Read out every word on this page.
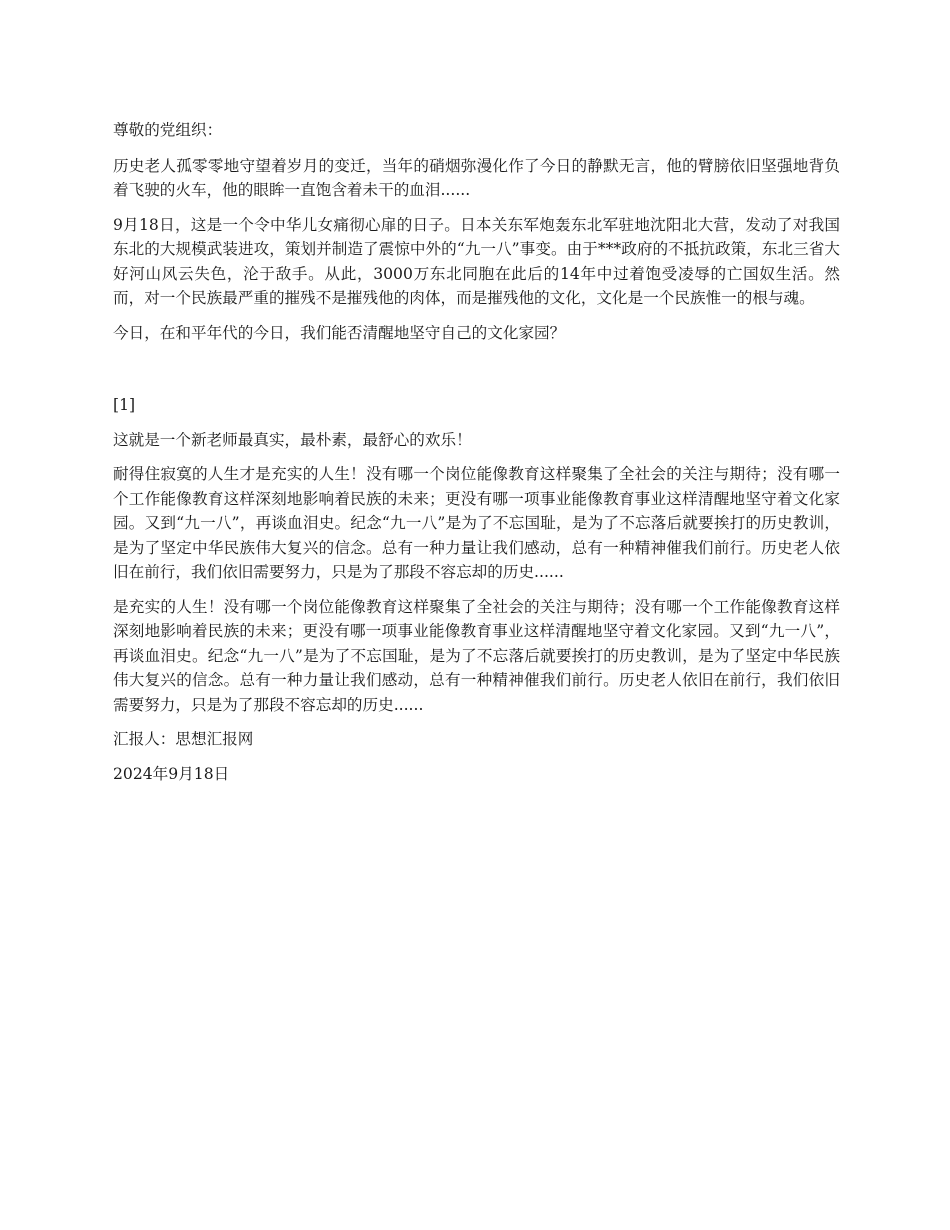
尊敬的党组织：

历史老人孤零零地守望着岁月的变迁，当年的硝烟弥漫化作了今日的静默无言，他的臂膀依旧坚强地背负着飞驶的火车，他的眼眸一直饱含着未干的血泪......

9月18日，这是一个令中华儿女痛彻心扉的日子。日本关东军炮轰东北军驻地沈阳北大营，发动了对我国东北的大规模武装进攻，策划并制造了震惊中外的“九一八”事变。由于***政府的不抵抗政策，东北三省大好河山风云失色，沦于敌手。从此，3000万东北同胞在此后的14年中过着饱受凌辱的亡国奴生活。然而，对一个民族最严重的摧残不是摧残他的肉体，而是摧残他的文化，文化是一个民族惟一的根与魂。

今日，在和平年代的今日，我们能否清醒地坚守自己的文化家园？

[1]

这就是一个新老师最真实，最朴素，最舒心的欢乐！

耐得住寂寞的人生才是充实的人生！没有哪一个岗位能像教育这样聚集了全社会的关注与期待；没有哪一个工作能像教育这样深刻地影响着民族的未来；更没有哪一项事业能像教育事业这样清醒地坚守着文化家园。又到“九一八”，再谈血泪史。纪念“九一八”是为了不忘国耻，是为了不忘落后就要挨打的历史教训，是为了坚定中华民族伟大复兴的信念。总有一种力量让我们感动，总有一种精神催我们前行。历史老人依旧在前行，我们依旧需要努力，只是为了那段不容忘却的历史......

是充实的人生！没有哪一个岗位能像教育这样聚集了全社会的关注与期待；没有哪一个工作能像教育这样深刻地影响着民族的未来；更没有哪一项事业能像教育事业这样清醒地坚守着文化家园。又到“九一八”，再谈血泪史。纪念“九一八”是为了不忘国耻，是为了不忘落后就要挨打的历史教训，是为了坚定中华民族伟大复兴的信念。总有一种力量让我们感动，总有一种精神催我们前行。历史老人依旧在前行，我们依旧需要努力，只是为了那段不容忘却的历史......

汇报人：思想汇报网

2024年9月18日
